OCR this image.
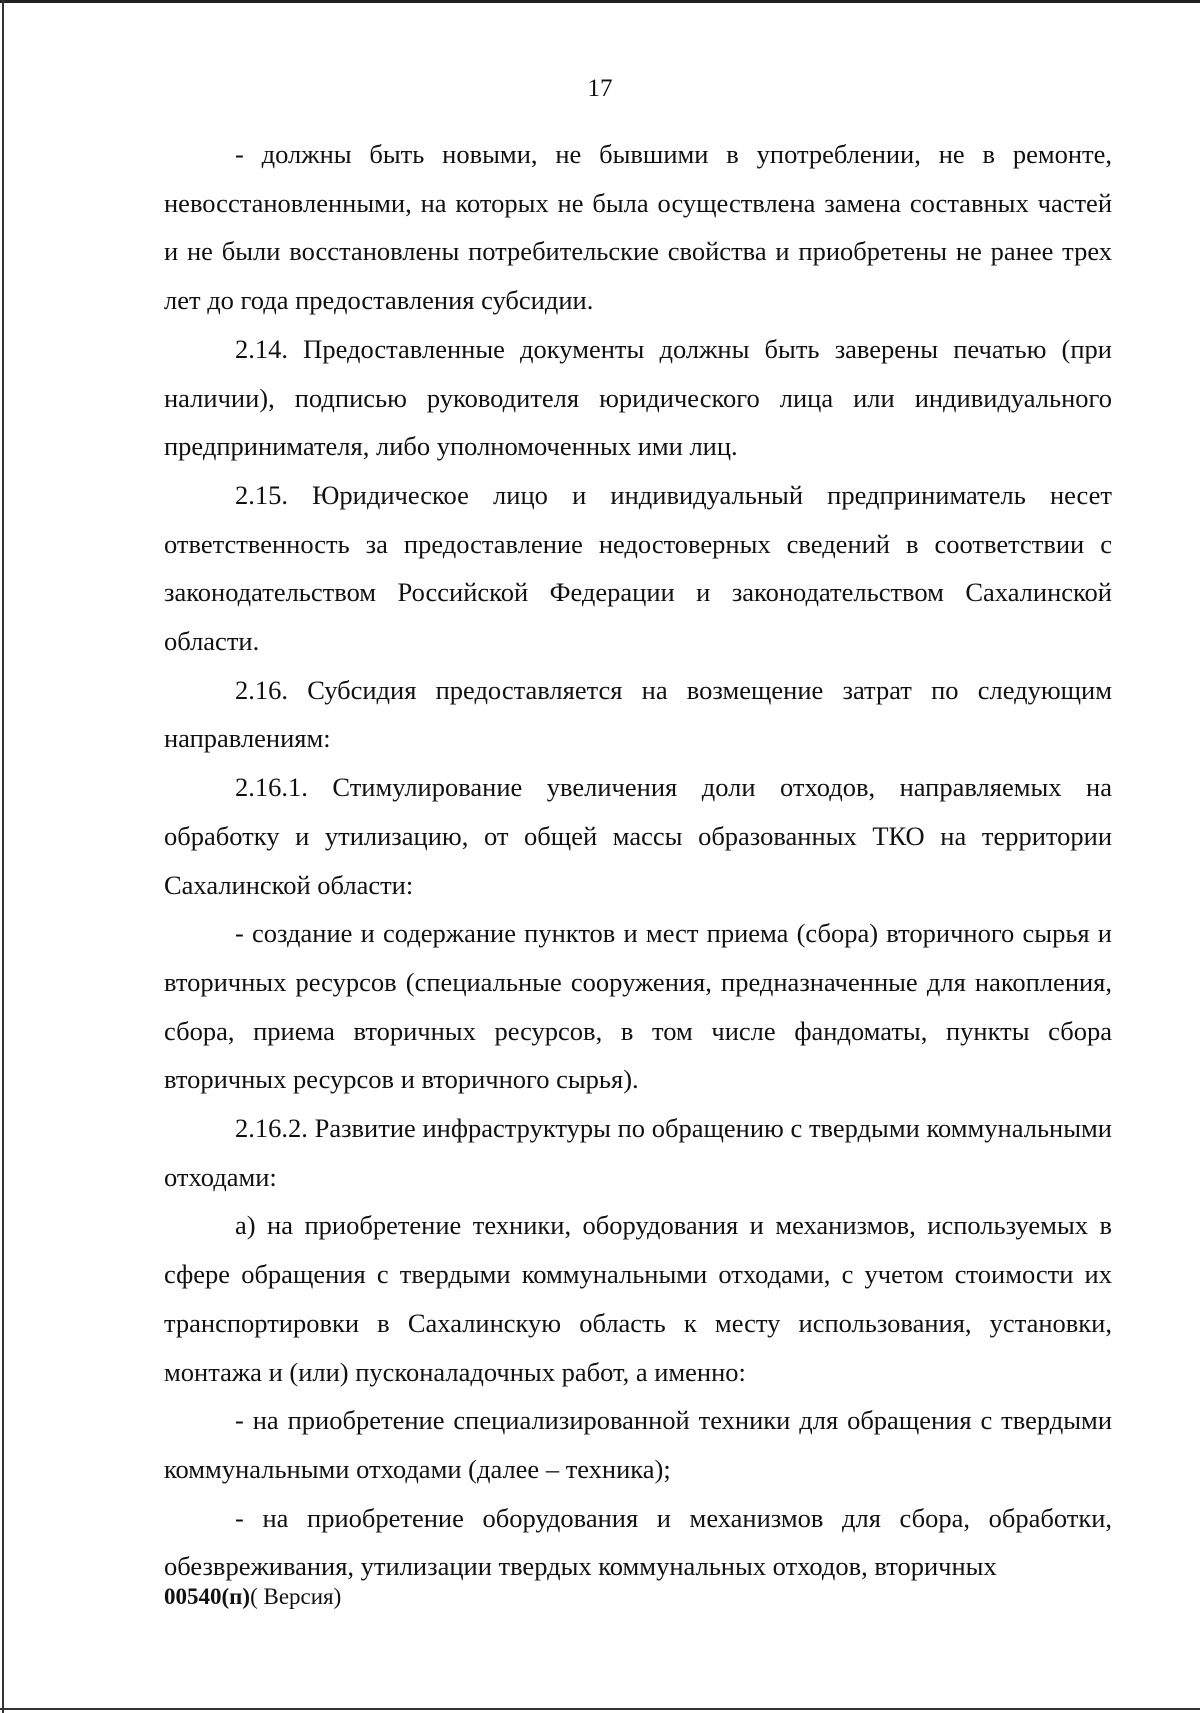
17

- должны быть новыми, не бывшими в употреблении, не в ремонте, невосстановленными, на которых не была осуществлена замена составных частей и не были восстановлены потребительские свойства и приобретены не ранее трех лет до года предоставления субсидии.

2.14. Предоставленные документы должны быть заверены печатью (при наличии), подписью руководителя юридического лица или индивидуального предпринимателя, либо уполномоченных ими лиц.

2.15. Юридическое лицо и индивидуальный предприниматель несет ответственность за предоставление недостоверных сведений в соответствии с законодательством Российской Федерации и законодательством Сахалинской области.

2.16. Субсидия предоставляется на возмещение затрат по следующим направлениям:

2.16.1. Стимулирование увеличения доли отходов, направляемых на обработку и утилизацию, от общей массы образованных ТКО на территории Сахалинской области:

- создание и содержание пунктов и мест приема (сбора) вторичного сырья и вторичных ресурсов (специальные сооружения, предназначенные для накопления, сбора, приема вторичных ресурсов, в том числе фандоматы, пункты сбора вторичных ресурсов и вторичного сырья).

2.16.2. Развитие инфраструктуры по обращению с твердыми коммунальными отходами:

а) на приобретение техники, оборудования и механизмов, используемых в сфере обращения с твердыми коммунальными отходами, с учетом стоимости их транспортировки в Сахалинскую область к месту использования, установки, монтажа и (или) пусконаладочных работ, а именно:

- на приобретение специализированной техники для обращения с твердыми коммунальными отходами (далее – техника);

- на приобретение оборудования и механизмов для сбора, обработки, обезвреживания, утилизации твердых коммунальных отходов, вторичных

00540(п)( Версия)
